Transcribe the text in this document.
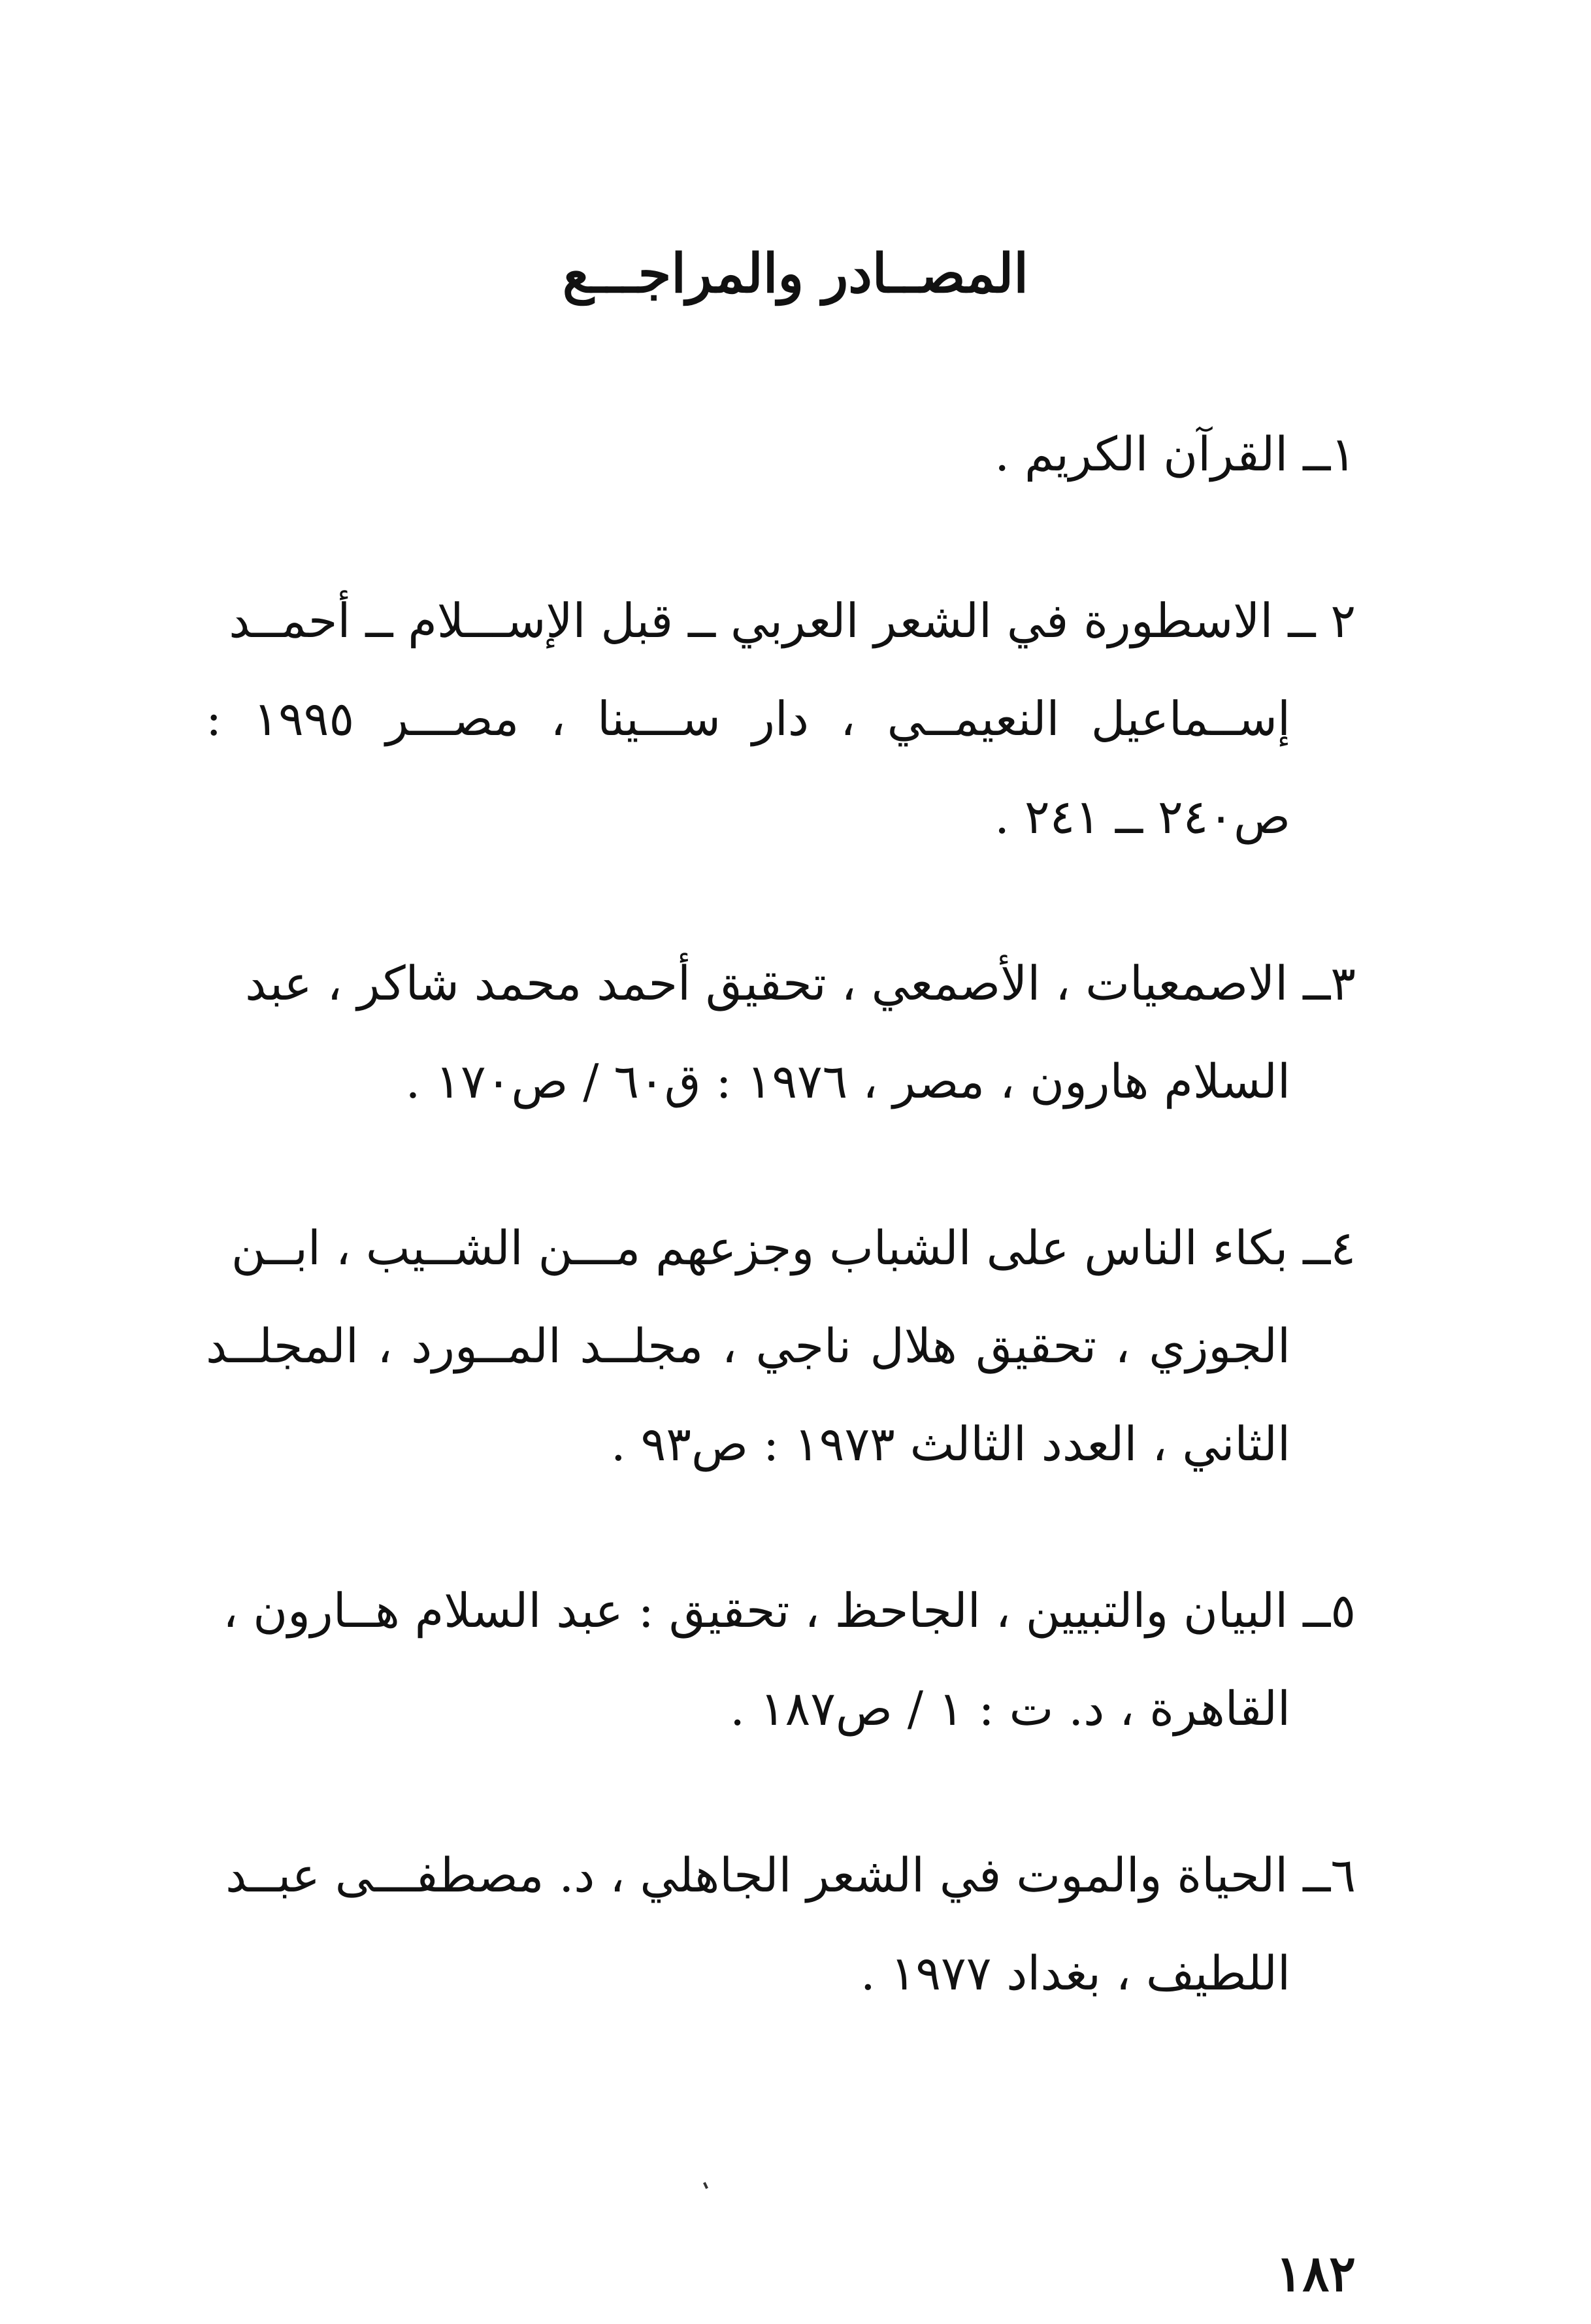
المصــادر والمراجـــع
١ــ القرآن الكريم .
٢ ــ الاسطورة في الشعر العربي ــ قبل الإســـلام ــ أحمــد
إســماعيل النعيمــي ، دار ســـينا ، مصـــر ١٩٩٥ : ص٢٤٠ ــ ٢٤١ .
٣ــ الاصمعيات ، الأصمعي ، تحقيق أحمد محمد شاكر ، عبد
السلام هارون ، مصر ، ١٩٧٦ : ق٦٠ / ص١٧٠ .
٤ــ بكاء الناس على الشباب وجزعهم مـــن الشــيب ، ابــن
الجوزي ، تحقيق هلال ناجي ، مجلــد المــورد ، المجلــد الثاني ، العدد الثالث ١٩٧٣ : ص٩٣ .
٥ــ البيان والتبيين ، الجاحظ ، تحقيق : عبد السلام هــارون ،
القاهرة ، د. ت : ١ / ص١٨٧ .
٦ــ الحياة والموت في الشعر الجاهلي ، د. مصطفـــى عبــد
اللطيف ، بغداد ١٩٧٧ .
١٨٢
